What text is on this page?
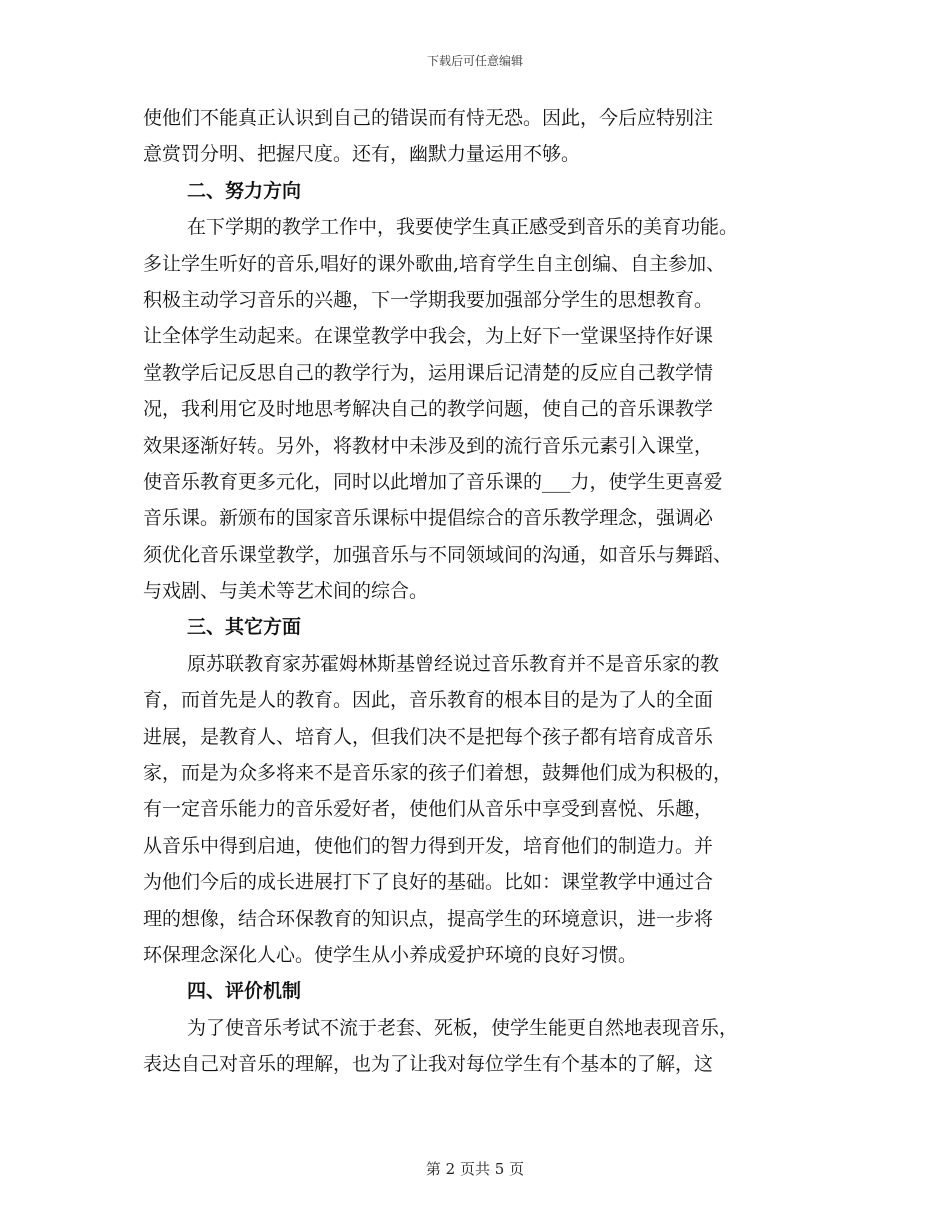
下载后可任意编辑
使他们不能真正认识到自己的错误而有恃无恐。因此，今后应特别注
意赏罚分明、把握尺度。还有，幽默力量运用不够。
二、努力方向
在下学期的教学工作中，我要使学生真正感受到音乐的美育功能。
多让学生听好的音乐,唱好的课外歌曲,培育学生自主创编、自主参加、
积极主动学习音乐的兴趣，下一学期我要加强部分学生的思想教育。
让全体学生动起来。在课堂教学中我会，为上好下一堂课坚持作好课
堂教学后记反思自己的教学行为，运用课后记清楚的反应自己教学情
况，我利用它及时地思考解决自己的教学问题，使自己的音乐课教学
效果逐渐好转。另外，将教材中未涉及到的流行音乐元素引入课堂，
使音乐教育更多元化，同时以此增加了音乐课的___力，使学生更喜爱
音乐课。新颁布的国家音乐课标中提倡综合的音乐教学理念，强调必
须优化音乐课堂教学，加强音乐与不同领域间的沟通，如音乐与舞蹈、
与戏剧、与美术等艺术间的综合。
三、其它方面
原苏联教育家苏霍姆林斯基曾经说过音乐教育并不是音乐家的教
育，而首先是人的教育。因此，音乐教育的根本目的是为了人的全面
进展，是教育人、培育人，但我们决不是把每个孩子都有培育成音乐
家，而是为众多将来不是音乐家的孩子们着想，鼓舞他们成为积极的，
有一定音乐能力的音乐爱好者，使他们从音乐中享受到喜悦、乐趣，
从音乐中得到启迪，使他们的智力得到开发，培育他们的制造力。并
为他们今后的成长进展打下了良好的基础。比如：课堂教学中通过合
理的想像，结合环保教育的知识点，提高学生的环境意识，进一步将
环保理念深化人心。使学生从小养成爱护环境的良好习惯。
四、评价机制
为了使音乐考试不流于老套、死板，使学生能更自然地表现音乐，
表达自己对音乐的理解，也为了让我对每位学生有个基本的了解，这
第 2 页共 5 页
